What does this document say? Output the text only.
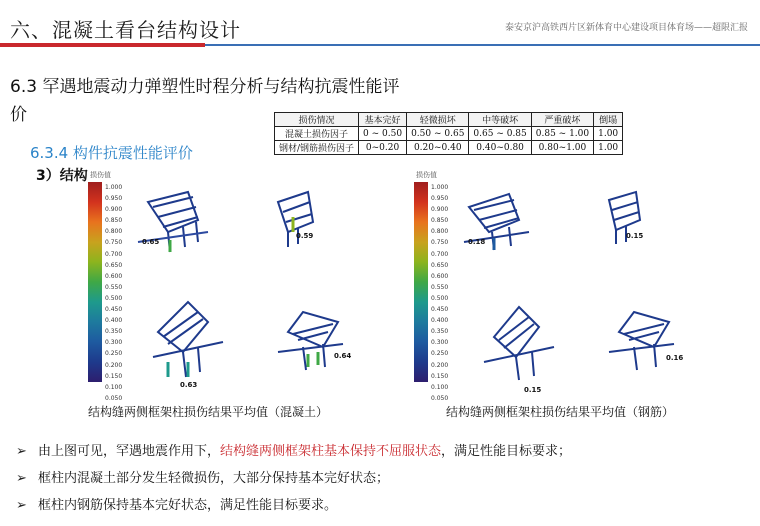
六、混凝土看台结构设计	泰安京沪高铁西片区新体育中心建设项目体育场——超限汇报
6.3 罕遇地震动力弹塑性时程分析与结构抗震性能评
价
6.3.4 构件抗震性能评价
3）结构
损伤情况	基本完好	轻微损坏	中等破坏	严重破坏	倒塌
混凝土损伤因子	0 ~ 0.50	0.50 ~ 0.65	0.65 ~ 0.85	0.85 ~ 1.00	1.00
钢材/钢筋损伤因子	0~0.20	0.20~0.40	0.40~0.80	0.80~1.00	1.00
损伤值
1.000
0.950
0.900
0.850
0.800
0.750
0.700
0.650
0.600
0.550
0.500
0.450
0.400
0.350
0.300
0.250
0.200
0.150
0.100
0.050
0.65
0.59
0.63
0.64
结构缝两侧框架柱损伤结果平均值（混凝土）
损伤值
1.000
0.950
0.900
0.850
0.800
0.750
0.700
0.650
0.600
0.550
0.500
0.450
0.400
0.350
0.300
0.250
0.200
0.150
0.100
0.050
0.18
0.15
0.15
0.16
结构缝两侧框架柱损伤结果平均值（钢筋）
➢ 由上图可见，罕遇地震作用下，结构缝两侧框架柱基本保持不屈服状态，满足性能目标要求；
➢ 框柱内混凝土部分发生轻微损伤，大部分保持基本完好状态；
➢ 框柱内钢筋保持基本完好状态，满足性能目标要求。
